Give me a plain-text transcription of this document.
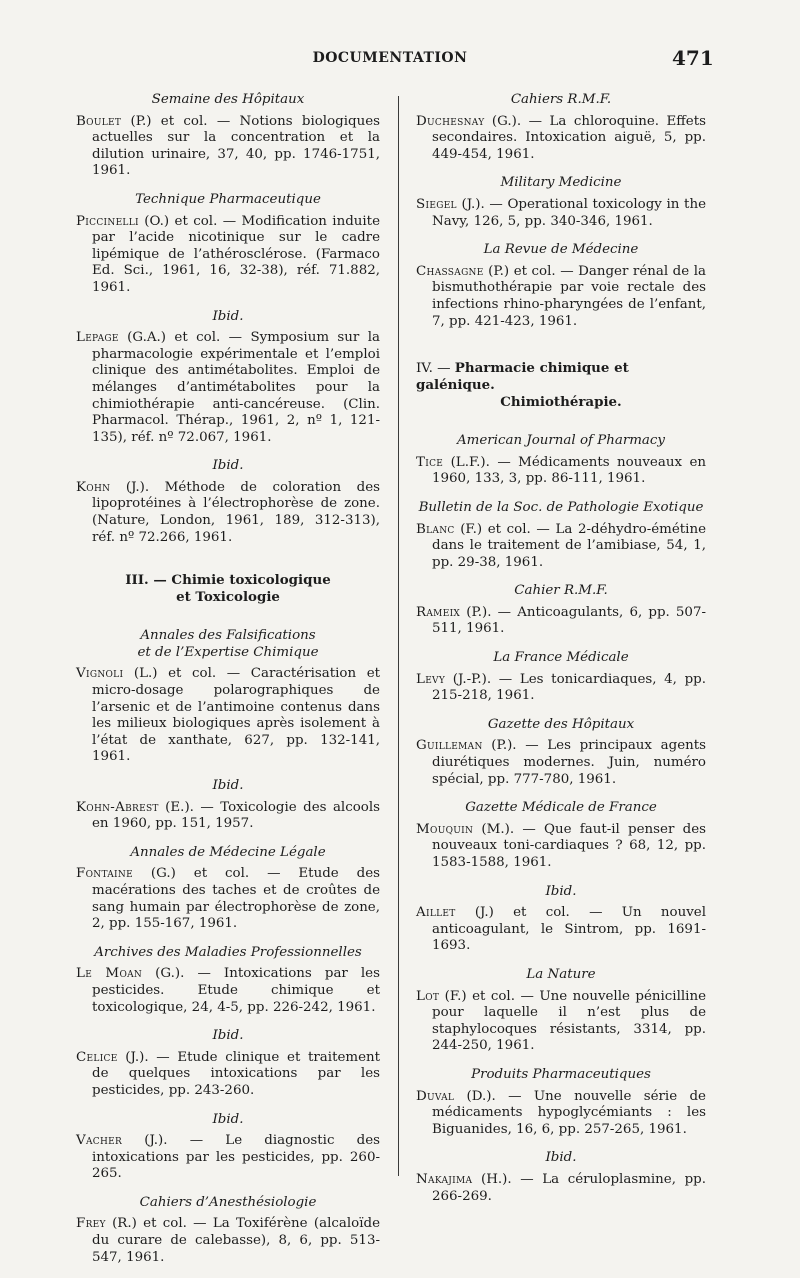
DOCUMENTATION	471
Semaine des Hôpitaux
Boulet (P.) et col. — Notions biologiques actuelles sur la concentration et la dilution urinaire, 37, 40, pp. 1746-1751, 1961.
Technique Pharmaceutique
Piccinelli (O.) et col. — Modification induite par l’acide nicotinique sur le cadre lipémique de l’athérosclérose. (Farmaco Ed. Sci., 1961, 16, 32-38), réf. 71.882, 1961.
Ibid.
Lepage (G.A.) et col. — Symposium sur la pharmacologie expérimentale et l’emploi clinique des antimétabolites. Emploi de mélanges d’antimétabolites pour la chimiothérapie anti-cancéreuse. (Clin. Pharmacol. Thérap., 1961, 2, nº 1, 121-135), réf. nº 72.067, 1961.
Ibid.
Kohn (J.). Méthode de coloration des lipoprotéines à l’électrophorèse de zone. (Nature, London, 1961, 189, 312-313), réf. nº 72.266, 1961.
III. — Chimie toxicologique
et Toxicologie
Annales des Falsifications
et de l’Expertise Chimique
Vignoli (L.) et col. — Caractérisation et micro-dosage polarographiques de l’arsenic et de l’antimoine contenus dans les milieux biologiques après isolement à l’état de xanthate, 627, pp. 132-141, 1961.
Ibid.
Kohn-Abrest (E.). — Toxicologie des alcools en 1960, pp. 151, 1957.
Annales de Médecine Légale
Fontaine (G.) et col. — Etude des macérations des taches et de croûtes de sang humain par électrophorèse de zone, 2, pp. 155-167, 1961.
Archives des Maladies Professionnelles
Le Moan (G.). — Intoxications par les pesticides. Etude chimique et toxicologique, 24, 4-5, pp. 226-242, 1961.
Ibid.
Celice (J.). — Etude clinique et traitement de quelques intoxications par les pesticides, pp. 243-260.
Ibid.
Vacher (J.). — Le diagnostic des intoxications par les pesticides, pp. 260-265.
Cahiers d’Anesthésiologie
Frey (R.) et col. — La Toxiférène (alcaloïde du curare de calebasse), 8, 6, pp. 513-547, 1961.
Cahiers R.M.F.
Duchesnay (G.). — La chloroquine. Effets secondaires. Intoxication aiguë, 5, pp. 449-454, 1961.
Military Medicine
Siegel (J.). — Operational toxicology in the Navy, 126, 5, pp. 340-346, 1961.
La Revue de Médecine
Chassagne (P.) et col. — Danger rénal de la bismuthothérapie par voie rectale des infections rhino-pharyngées de l’enfant, 7, pp. 421-423, 1961.
IV. — Pharmacie chimique et galénique.
Chimiothérapie.
American Journal of Pharmacy
Tice (L.F.). — Médicaments nouveaux en 1960, 133, 3, pp. 86-111, 1961.
Bulletin de la Soc. de Pathologie Exotique
Blanc (F.) et col. — La 2-déhydro-émétine dans le traitement de l’amibiase, 54, 1, pp. 29-38, 1961.
Cahier R.M.F.
Rameix (P.). — Anticoagulants, 6, pp. 507-511, 1961.
La France Médicale
Levy (J.-P.). — Les tonicardiaques, 4, pp. 215-218, 1961.
Gazette des Hôpitaux
Guilleman (P.). — Les principaux agents diurétiques modernes. Juin, numéro spécial, pp. 777-780, 1961.
Gazette Médicale de France
Mouquin (M.). — Que faut-il penser des nouveaux toni-cardiaques ? 68, 12, pp. 1583-1588, 1961.
Ibid.
Aillet (J.) et col. — Un nouvel anticoagulant, le Sintrom, pp. 1691-1693.
La Nature
Lot (F.) et col. — Une nouvelle pénicilline pour laquelle il n’est plus de staphylocoques résistants, 3314, pp. 244-250, 1961.
Produits Pharmaceutiques
Duval (D.). — Une nouvelle série de médicaments hypoglycémiants : les Biguanides, 16, 6, pp. 257-265, 1961.
Ibid.
Nakajima (H.). — La céruloplasmine, pp. 266-269.
